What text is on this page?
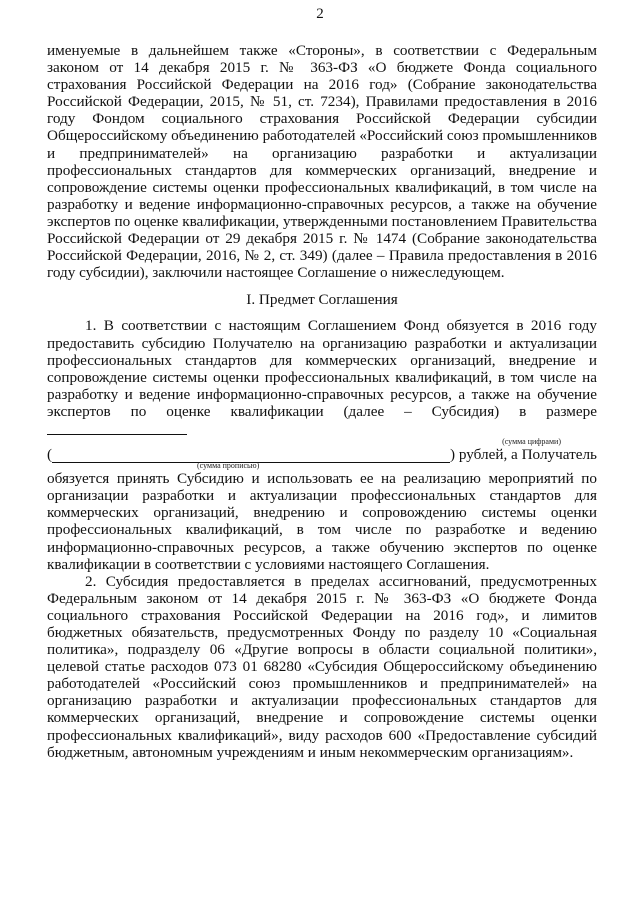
2

именуемые в дальнейшем также «Стороны», в соответствии с Федеральным законом от 14 декабря 2015 г. № 363-ФЗ «О бюджете Фонда социального страхования Российской Федерации на 2016 год» (Собрание законодательства Российской Федерации, 2015, № 51, ст. 7234), Правилами предоставления в 2016 году Фондом социального страхования Российской Федерации субсидии Общероссийскому объединению работодателей «Российский союз промышленников и предпринимателей» на организацию разработки и актуализации профессиональных стандартов для коммерческих организаций, внедрение и сопровождение системы оценки профессиональных квалификаций, в том числе на разработку и ведение информационно-справочных ресурсов, а также на обучение экспертов по оценке квалификации, утвержденными постановлением Правительства Российской Федерации от 29 декабря 2015 г. № 1474 (Собрание законодательства Российской Федерации, 2016, № 2, ст. 349) (далее – Правила предоставления в 2016 году субсидии), заключили настоящее Соглашение о нижеследующем.

I. Предмет Соглашения

1. В соответствии с настоящим Соглашением Фонд обязуется в 2016 году предоставить субсидию Получателю на организацию разработки и актуализации профессиональных стандартов для коммерческих организаций, внедрение и сопровождение системы оценки профессиональных квалификаций, в том числе на разработку и ведение информационно-справочных ресурсов, а также на обучение экспертов по оценке квалификации (далее – Субсидия) в размере

(сумма цифрами)
(	) рублей, а Получатель
(сумма прописью)

обязуется принять Субсидию и использовать ее на реализацию мероприятий по организации разработки и актуализации профессиональных стандартов для коммерческих организаций, внедрению и сопровождению системы оценки профессиональных квалификаций, в том числе по разработке и ведению информационно-справочных ресурсов, а также обучению экспертов по оценке квалификации в соответствии с условиями настоящего Соглашения.

2. Субсидия предоставляется в пределах ассигнований, предусмотренных Федеральным законом от 14 декабря 2015 г. № 363-ФЗ «О бюджете Фонда социального страхования Российской Федерации на 2016 год», и лимитов бюджетных обязательств, предусмотренных Фонду по разделу 10 «Социальная политика», подразделу 06 «Другие вопросы в области социальной политики», целевой статье расходов 073 01 68280 «Субсидия Общероссийскому объединению работодателей «Российский союз промышленников и предпринимателей» на организацию разработки и актуализации профессиональных стандартов для коммерческих организаций, внедрение и сопровождение системы оценки профессиональных квалификаций», виду расходов 600 «Предоставление субсидий бюджетным, автономным учреждениям и иным некоммерческим организациям».
